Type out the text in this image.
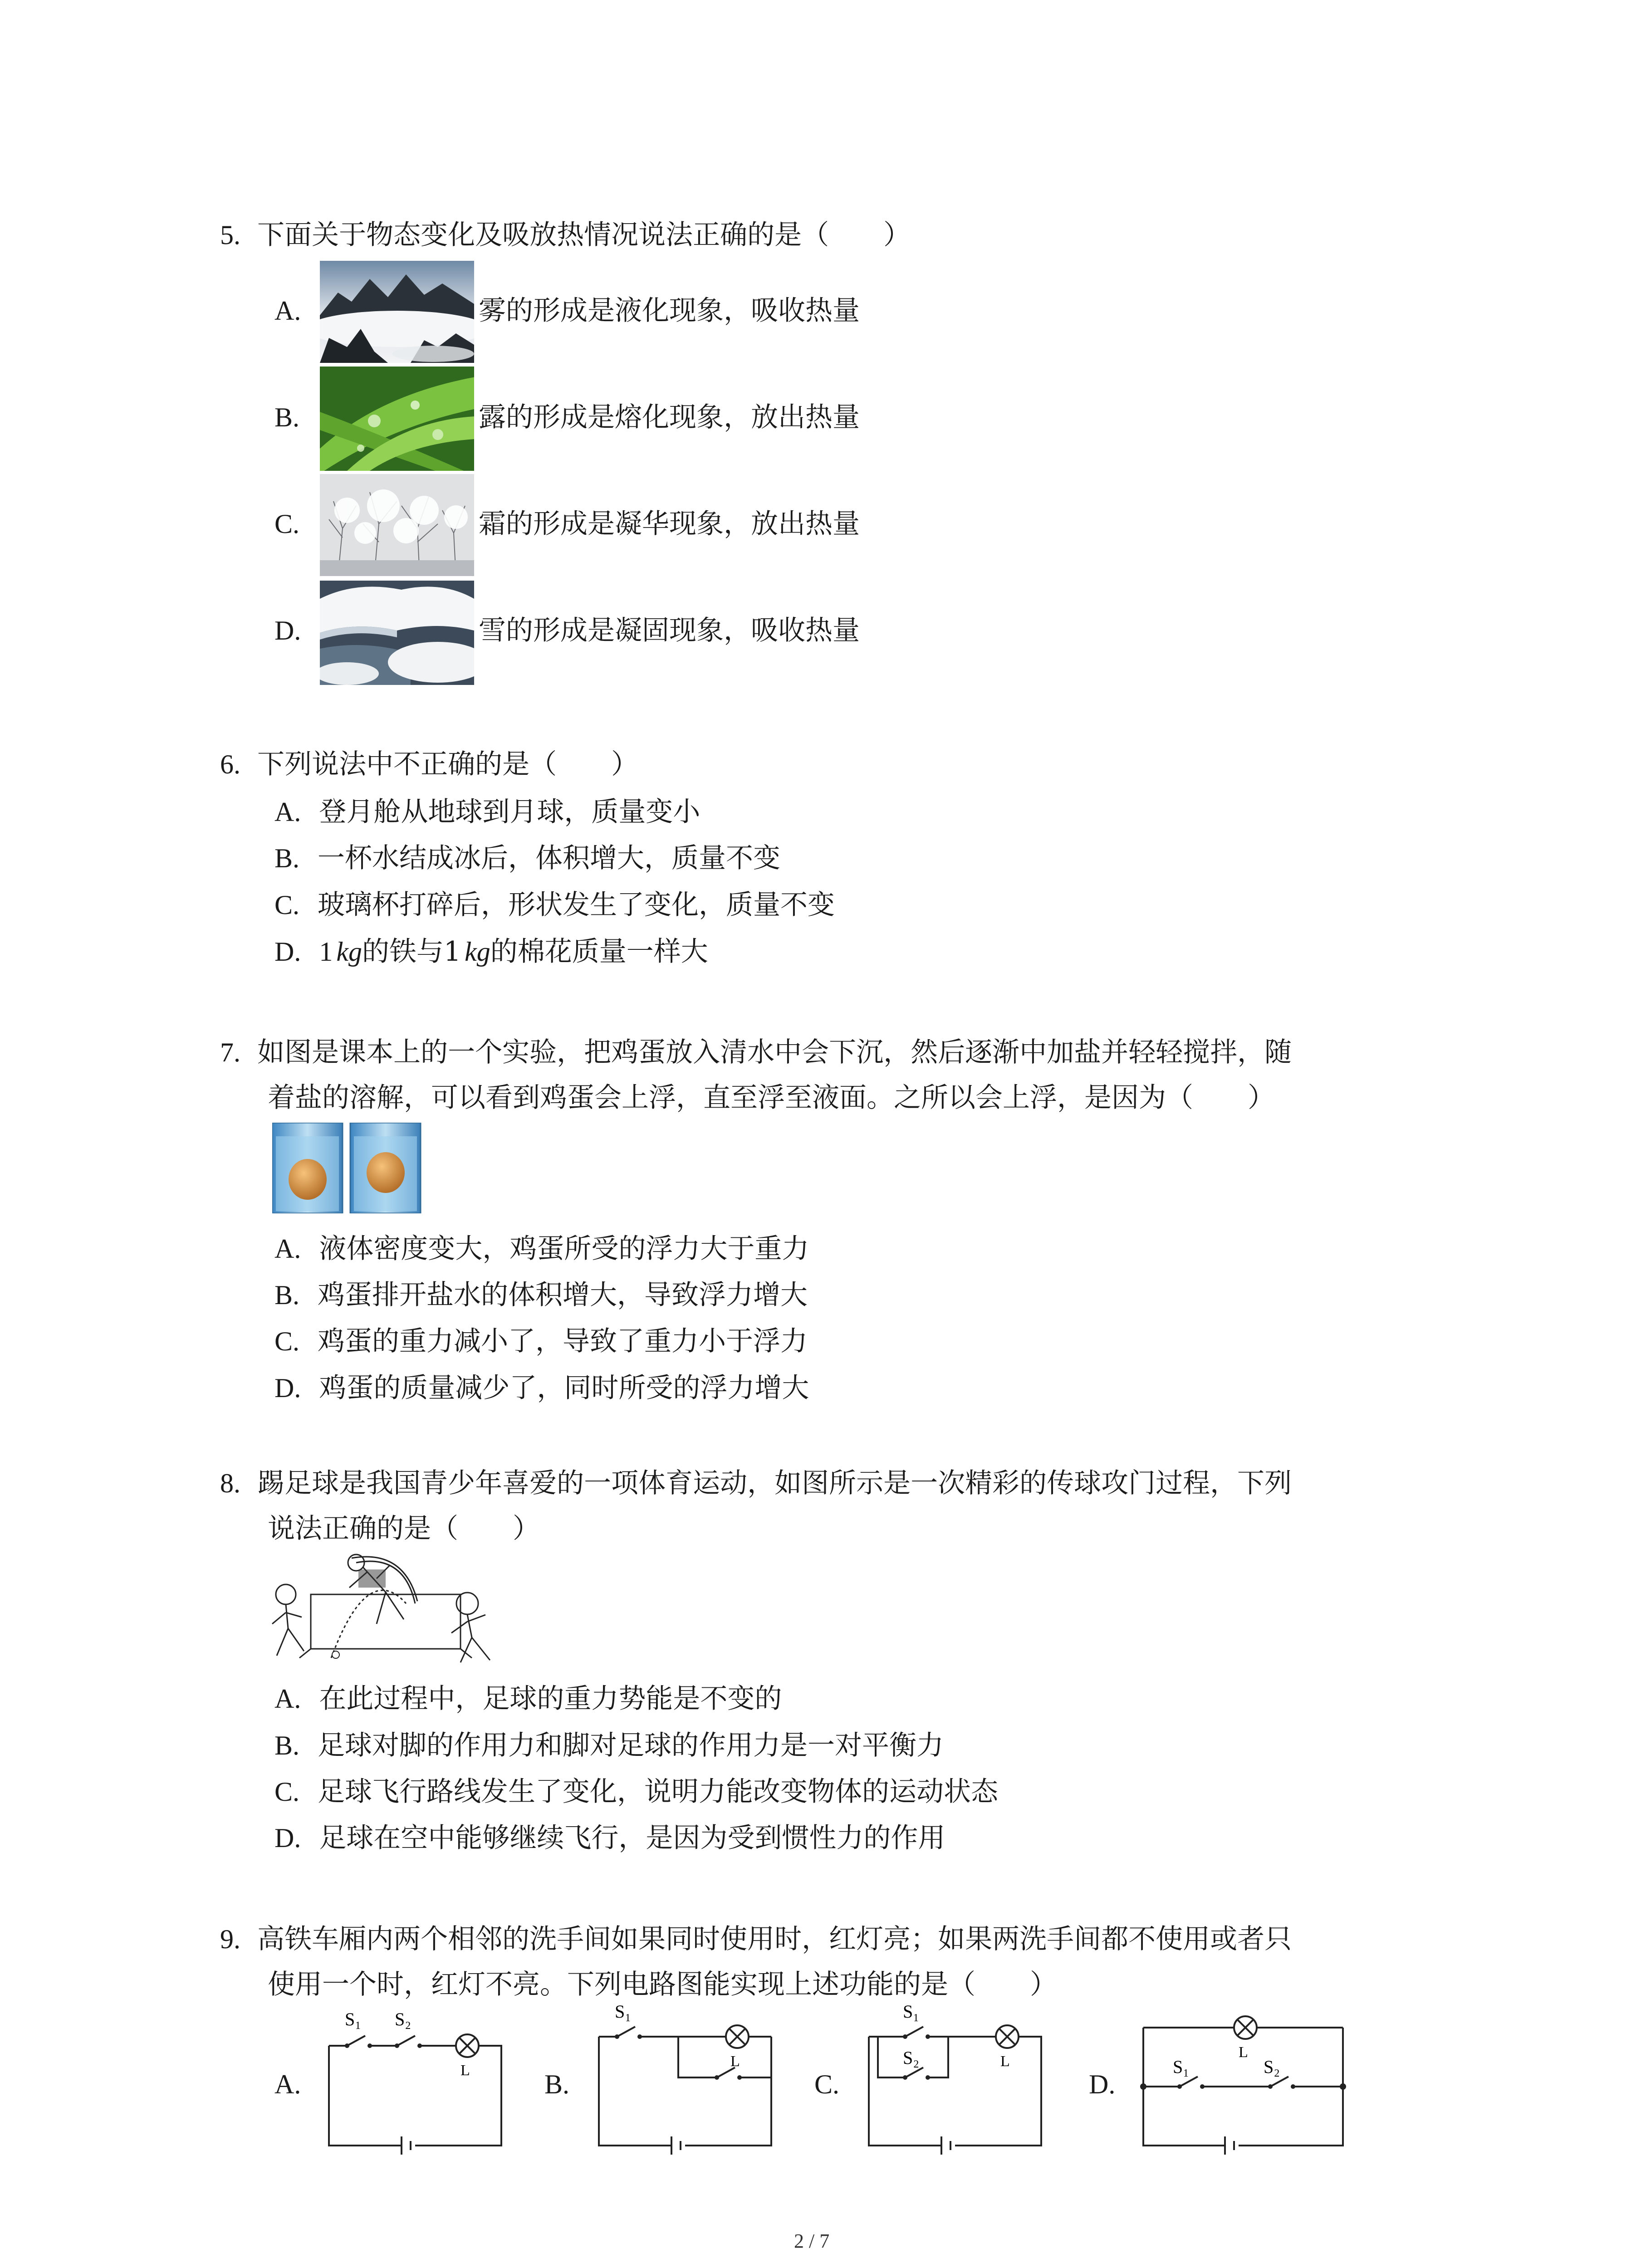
5. 下面关于物态变化及吸放热情况说法正确的是（　　）
A.	雾的形成是液化现象，吸收热量
B.	露的形成是熔化现象，放出热量
C.	霜的形成是凝华现象，放出热量
D.	雪的形成是凝固现象，吸收热量
6. 下列说法中不正确的是（　　）
A. 登月舱从地球到月球，质量变小
B. 一杯水结成冰后，体积增大，质量不变
C. 玻璃杯打碎后，形状发生了变化，质量不变
D. 1 kg的铁与1 kg的棉花质量一样大
7. 如图是课本上的一个实验，把鸡蛋放入清水中会下沉，然后逐渐中加盐并轻轻搅拌，随
着盐的溶解，可以看到鸡蛋会上浮，直至浮至液面。之所以会上浮，是因为（　　）
A. 液体密度变大，鸡蛋所受的浮力大于重力
B. 鸡蛋排开盐水的体积增大，导致浮力增大
C. 鸡蛋的重力减小了，导致了重力小于浮力
D. 鸡蛋的质量减少了，同时所受的浮力增大
8. 踢足球是我国青少年喜爱的一项体育运动，如图所示是一次精彩的传球攻门过程，下列
说法正确的是（　　）
A. 在此过程中，足球的重力势能是不变的
B. 足球对脚的作用力和脚对足球的作用力是一对平衡力
C. 足球飞行路线发生了变化，说明力能改变物体的运动状态
D. 足球在空中能够继续飞行，是因为受到惯性力的作用
9. 高铁车厢内两个相邻的洗手间如果同时使用时，红灯亮；如果两洗手间都不使用或者只
使用一个时，红灯不亮。下列电路图能实现上述功能的是（　　）
A.
S₁ S₂
L	B.
S₁
L
C.
S₁
S₂	L
D.
S₁	S₂
L
2 / 7
